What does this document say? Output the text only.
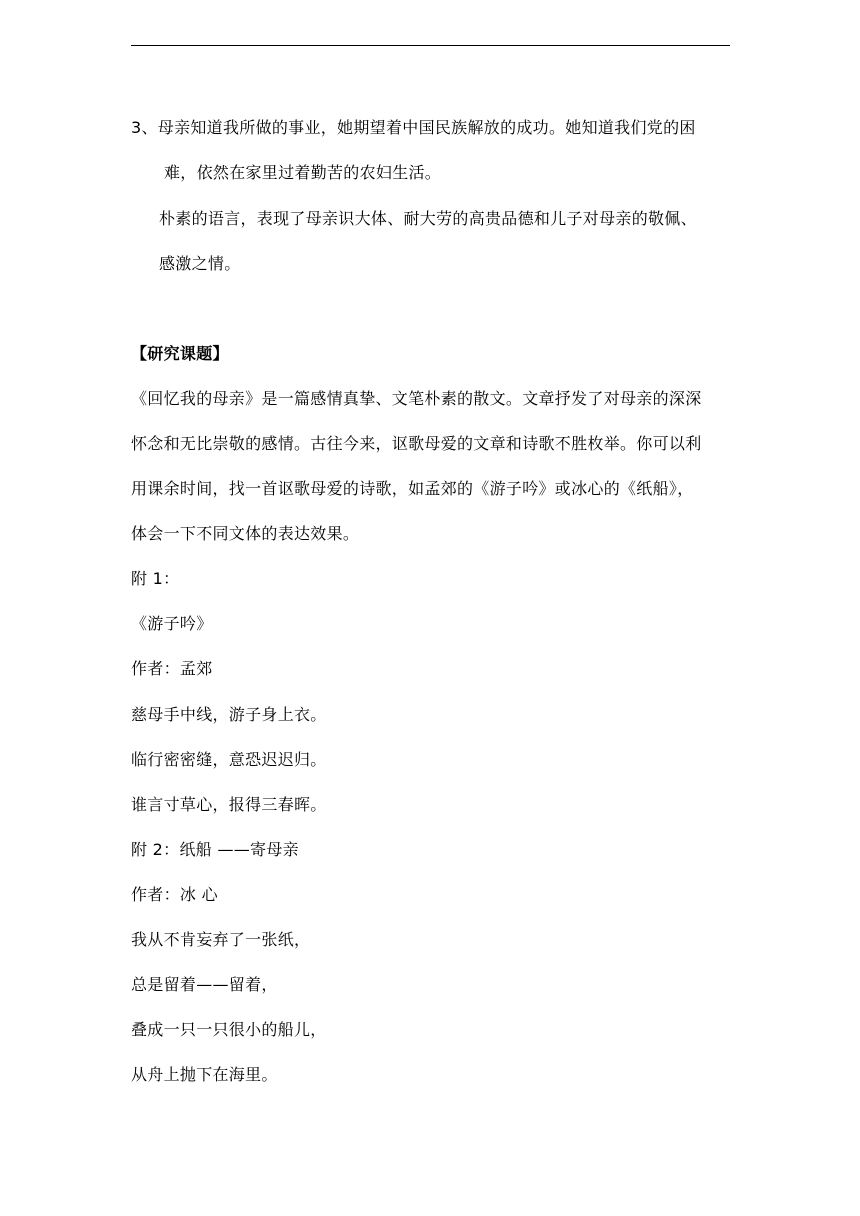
3、母亲知道我所做的事业，她期望着中国民族解放的成功。她知道我们党的困
难，依然在家里过着勤苦的农妇生活。
朴素的语言，表现了母亲识大体、耐大劳的高贵品德和儿子对母亲的敬佩、
感激之情。
【研究课题】
《回忆我的母亲》是一篇感情真挚、文笔朴素的散文。文章抒发了对母亲的深深
怀念和无比崇敬的感情。古往今来，讴歌母爱的文章和诗歌不胜枚举。你可以利
用课余时间，找一首讴歌母爱的诗歌，如孟郊的《游子吟》或冰心的《纸船》，
体会一下不同文体的表达效果。
附 1：
《游子吟》
作者：孟郊
慈母手中线，游子身上衣。
临行密密缝，意恐迟迟归。
谁言寸草心，报得三春晖。
附 2：纸船 ——寄母亲
作者：冰 心
我从不肯妄弃了一张纸，
总是留着——留着，
叠成一只一只很小的船儿，
从舟上抛下在海里。
